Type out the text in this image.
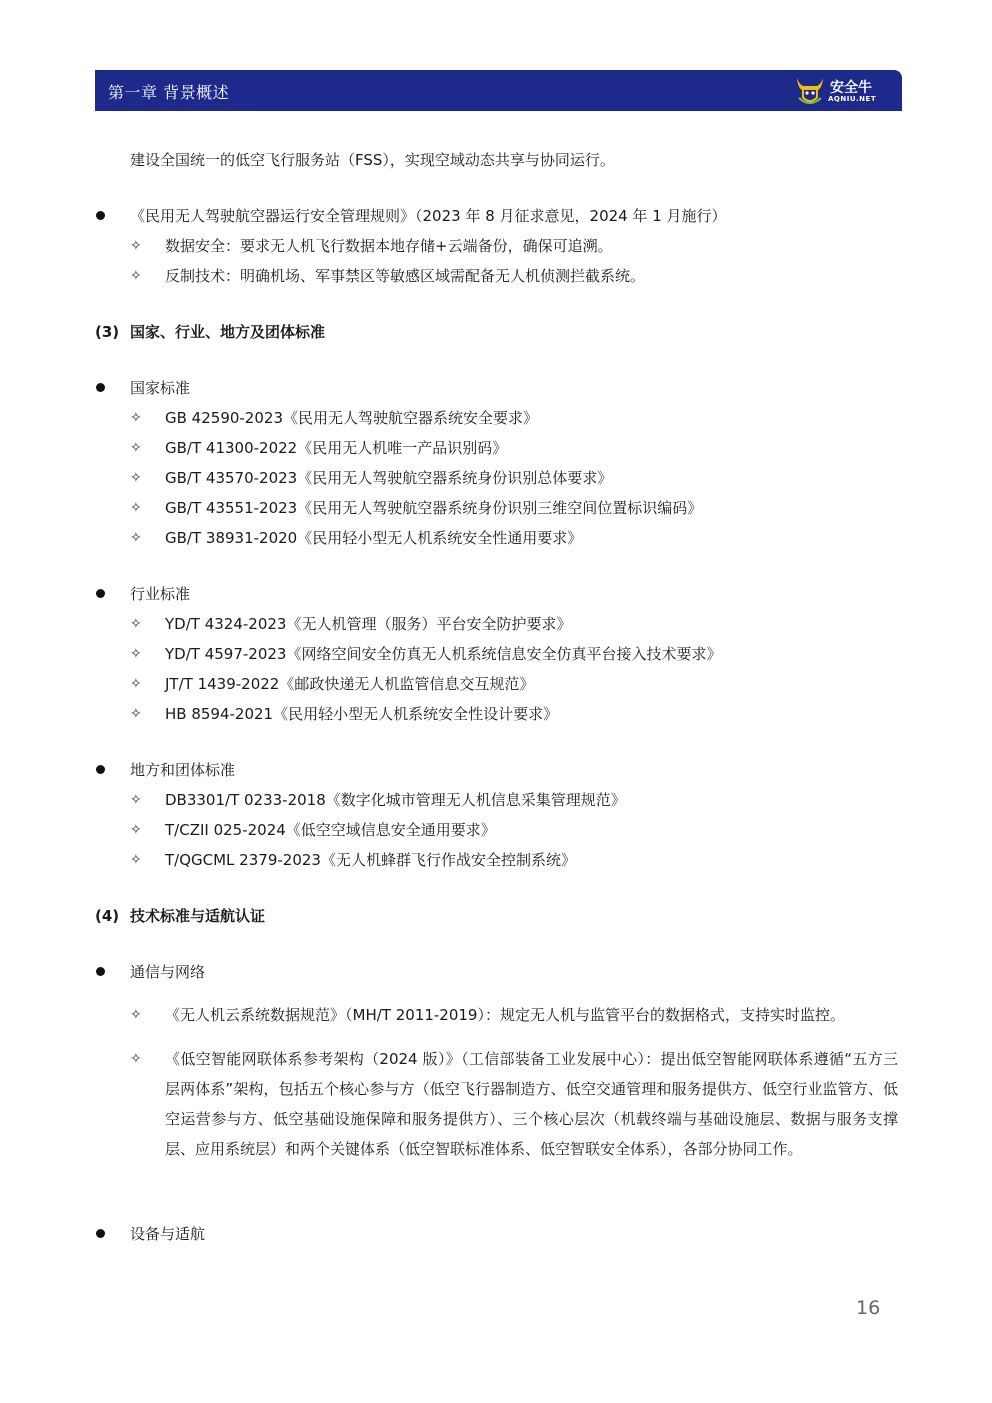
第一章 背景概述	安全牛
AQNIU.NET
建设全国统一的低空飞行服务站（FSS），实现空域动态共享与协同运行。
《民用无人驾驶航空器运行安全管理规则》（2023 年 8 月征求意见，2024 年 1 月施行）
✧ 数据安全：要求无人机飞行数据本地存储+云端备份，确保可追溯。
✧ 反制技术：明确机场、军事禁区等敏感区域需配备无人机侦测拦截系统。
(3) 国家、行业、地方及团体标准
国家标准
✧ GB 42590-2023《民用无人驾驶航空器系统安全要求》
✧ GB/T 41300-2022《民用无人机唯一产品识别码》
✧ GB/T 43570-2023《民用无人驾驶航空器系统身份识别总体要求》
✧ GB/T 43551-2023《民用无人驾驶航空器系统身份识别三维空间位置标识编码》
✧ GB/T 38931-2020《民用轻小型无人机系统安全性通用要求》
行业标准
✧ YD/T 4324-2023《无人机管理（服务）平台安全防护要求》
✧ YD/T 4597-2023《网络空间安全仿真无人机系统信息安全仿真平台接入技术要求》
✧ JT/T 1439-2022《邮政快递无人机监管信息交互规范》
✧ HB 8594-2021《民用轻小型无人机系统安全性设计要求》
地方和团体标准
✧ DB3301/T 0233-2018《数字化城市管理无人机信息采集管理规范》
✧ T/CZII 025-2024《低空空域信息安全通用要求》
✧ T/QGCML 2379-2023《无人机蜂群飞行作战安全控制系统》
(4) 技术标准与适航认证
通信与网络
✧ 《无人机云系统数据规范》（MH/T 2011-2019）：规定无人机与监管平台的数据格式，支持实时监控。
✧ 《低空智能网联体系参考架构（2024 版）》（工信部装备工业发展中心）：提出低空智能网联体系遵循“五方三层两体系”架构，包括五个核心参与方（低空飞行器制造方、低空交通管理和服务提供方、低空行业监管方、低空运营参与方、低空基础设施保障和服务提供方）、三个核心层次（机载终端与基础设施层、数据与服务支撑层、应用系统层）和两个关键体系（低空智联标准体系、低空智联安全体系），各部分协同工作。
设备与适航
16
